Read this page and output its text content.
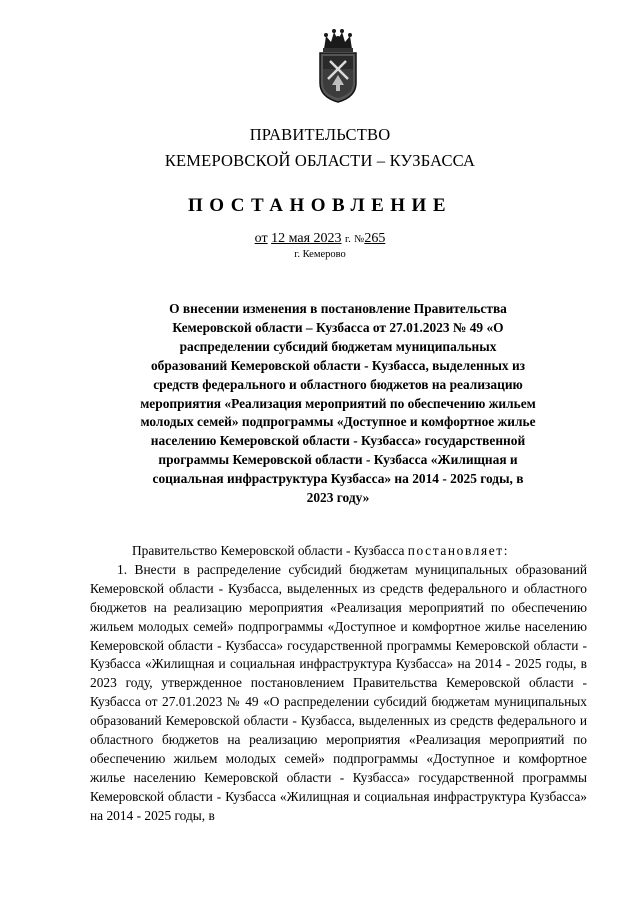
ПРАВИТЕЛЬСТВО
КЕМЕРОВСКОЙ ОБЛАСТИ – КУЗБАССА
ПОСТАНОВЛЕНИЕ
от 12 мая 2023 г. №265
г. Кемерово
О внесении изменения в постановление Правительства Кемеровской области – Кузбасса от 27.01.2023 № 49 «О распределении субсидий бюджетам муниципальных образований Кемеровской области - Кузбасса, выделенных из средств федерального и областного бюджетов на реализацию мероприятия «Реализация мероприятий по обеспечению жильем молодых семей» подпрограммы «Доступное и комфортное жилье населению Кемеровской области - Кузбасса» государственной программы Кемеровской области - Кузбасса «Жилищная и социальная инфраструктура Кузбасса» на 2014 - 2025 годы, в 2023 году»

Правительство Кемеровской области - Кузбасса постановляет:

1. Внести в распределение субсидий бюджетам муниципальных образований Кемеровской области - Кузбасса, выделенных из средств федерального и областного бюджетов на реализацию мероприятия «Реализация мероприятий по обеспечению жильем молодых семей» подпрограммы «Доступное и комфортное жилье населению Кемеровской области - Кузбасса» государственной программы Кемеровской области - Кузбасса «Жилищная и социальная инфраструктура Кузбасса» на 2014 - 2025 годы, в 2023 году, утвержденное постановлением Правительства Кемеровской области - Кузбасса от 27.01.2023 № 49 «О распределении субсидий бюджетам муниципальных образований Кемеровской области - Кузбасса, выделенных из средств федерального и областного бюджетов на реализацию мероприятия «Реализация мероприятий по обеспечению жильем молодых семей» подпрограммы «Доступное и комфортное жилье населению Кемеровской области - Кузбасса» государственной программы Кемеровской области - Кузбасса «Жилищная и социальная инфраструктура Кузбасса» на 2014 - 2025 годы, в
